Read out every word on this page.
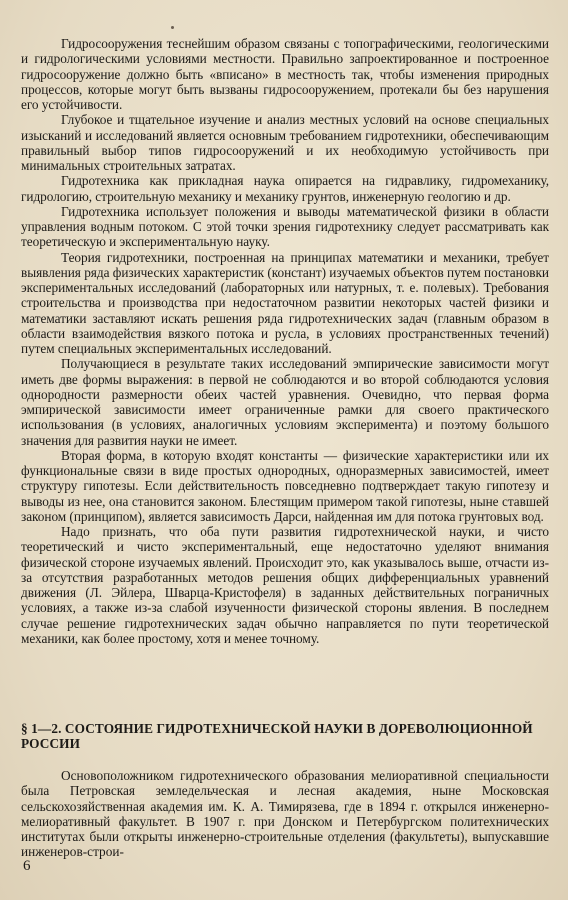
Гидросооружения теснейшим образом связаны с топографическими, геологическими и гидрологическими условиями местности. Правильно запроектированное и построенное гидросооружение должно быть «вписано» в местность так, чтобы изменения природных процессов, которые могут быть вызваны гидросооружением, протекали бы без нарушения его устойчивости.

Глубокое и тщательное изучение и анализ местных условий на основе специальных изысканий и исследований является основным требованием гидротехники, обеспечивающим правильный выбор типов гидросооружений и их необходимую устойчивость при минимальных строительных затратах.

Гидротехника как прикладная наука опирается на гидравлику, гидромеханику, гидрологию, строительную механику и механику грунтов, инженерную геологию и др.

Гидротехника использует положения и выводы математической физики в области управления водным потоком. С этой точки зрения гидротехнику следует рассматривать как теоретическую и экспериментальную науку.

Теория гидротехники, построенная на принципах математики и механики, требует выявления ряда физических характеристик (констант) изучаемых объектов путем постановки экспериментальных исследований (лабораторных или натурных, т. е. полевых). Требования строительства и производства при недостаточном развитии некоторых частей физики и математики заставляют искать решения ряда гидротехнических задач (главным образом в области взаимодействия вязкого потока и русла, в условиях пространственных течений) путем специальных экспериментальных исследований.

Получающиеся в результате таких исследований эмпирические зависимости могут иметь две формы выражения: в первой не соблюдаются и во второй соблюдаются условия однородности размерности обеих частей уравнения. Очевидно, что первая форма эмпирической зависимости имеет ограниченные рамки для своего практического использования (в условиях, аналогичных условиям эксперимента) и поэтому большого значения для развития науки не имеет.

Вторая форма, в которую входят константы — физические характеристики или их функциональные связи в виде простых однородных, одноразмерных зависимостей, имеет структуру гипотезы. Если действительность повседневно подтверждает такую гипотезу и выводы из нее, она становится законом. Блестящим примером такой гипотезы, ныне ставшей законом (принципом), является зависимость Дарси, найденная им для потока грунтовых вод.

Надо признать, что оба пути развития гидротехнической науки, и чисто теоретический и чисто экспериментальный, еще недостаточно уделяют внимания физической стороне изучаемых явлений. Происходит это, как указывалось выше, отчасти из-за отсутствия разработанных методов решения общих дифференциальных уравнений движения (Л. Эйлера, Шварца-Кристофеля) в заданных действительных пограничных условиях, а также из-за слабой изученности физической стороны явления. В последнем случае решение гидротехнических задач обычно направляется по пути теоретической механики, как более простому, хотя и менее точному.

§ 1—2. СОСТОЯНИЕ ГИДРОТЕХНИЧЕСКОЙ НАУКИ В ДОРЕВОЛЮЦИОННОЙ РОССИИ

Основоположником гидротехнического образования мелиоративной специальности была Петровская земледельческая и лесная академия, ныне Московская сельскохозяйственная академия им. К. А. Тимирязева, где в 1894 г. открылся инженерно-мелиоративный факультет. В 1907 г. при Донском и Петербургском политехнических институтах были открыты инженерно-строительные отделения (факультеты), выпускавшие инженеров-строи-

6
